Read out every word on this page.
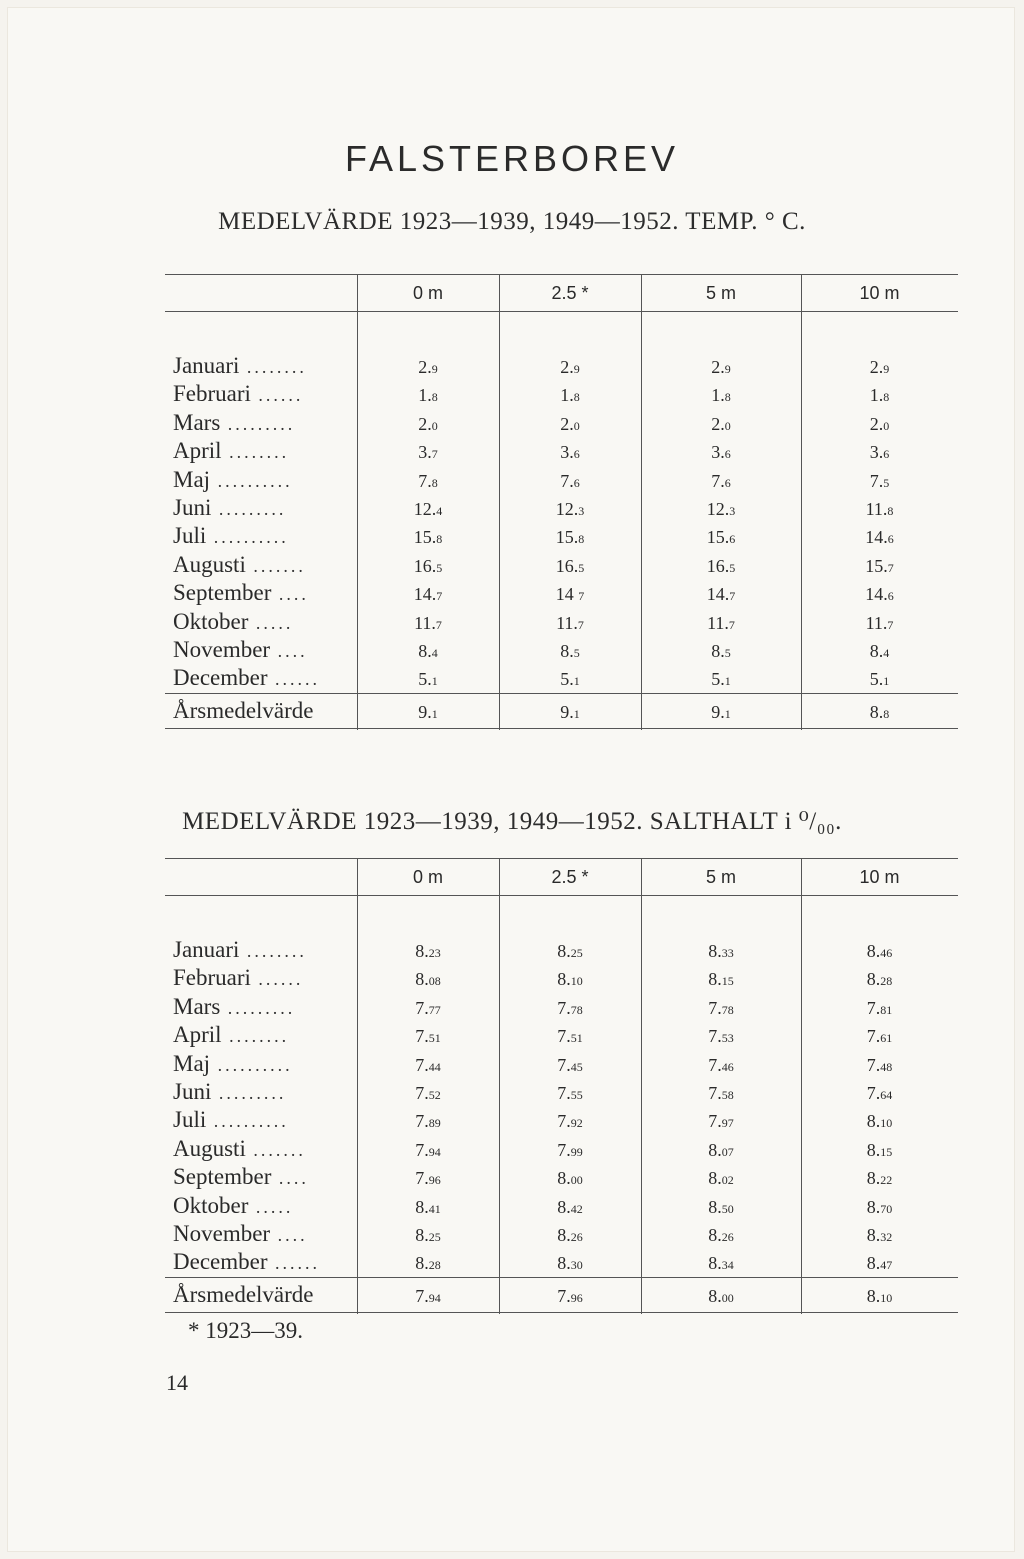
FALSTERBOREV
MEDELVÄRDE 1923—1939, 1949—1952. TEMP. ° C.
0 m	2.5 *	5 m	10 m
Januari ........	2.9	2.9	2.9	2.9
Februari ......	1.8	1.8	1.8	1.8
Mars .........	2.0	2.0	2.0	2.0
April ........	3.7	3.6	3.6	3.6
Maj ..........	7.8	7.6	7.6	7.5
Juni .........	12.4	12.3	12.3	11.8
Juli ..........	15.8	15.8	15.6	14.6
Augusti .......	16.5	16.5	16.5	15.7
September ....	14.7	14 7	14.7	14.6
Oktober .....	11.7	11.7	11.7	11.7
November ....	8.4	8.5	8.5	8.4
December ......	5.1	5.1	5.1	5.1
Årsmedelvärde	9.1	9.1	9.1	8.8
MEDELVÄRDE 1923—1939, 1949—1952. SALTHALT i ⁰/₀₀.
0 m	2.5 *	5 m	10 m
Januari ........	8.23	8.25	8.33	8.46
Februari ......	8.08	8.10	8.15	8.28
Mars .........	7.77	7.78	7.78	7.81
April ........	7.51	7.51	7.53	7.61
Maj ..........	7.44	7.45	7.46	7.48
Juni .........	7.52	7.55	7.58	7.64
Juli ..........	7.89	7.92	7.97	8.10
Augusti .......	7.94	7.99	8.07	8.15
September ....	7.96	8.00	8.02	8.22
Oktober .....	8.41	8.42	8.50	8.70
November ....	8.25	8.26	8.26	8.32
December ......	8.28	8.30	8.34	8.47
Årsmedelvärde	7.94	7.96	8.00	8.10
* 1923—39.
14
